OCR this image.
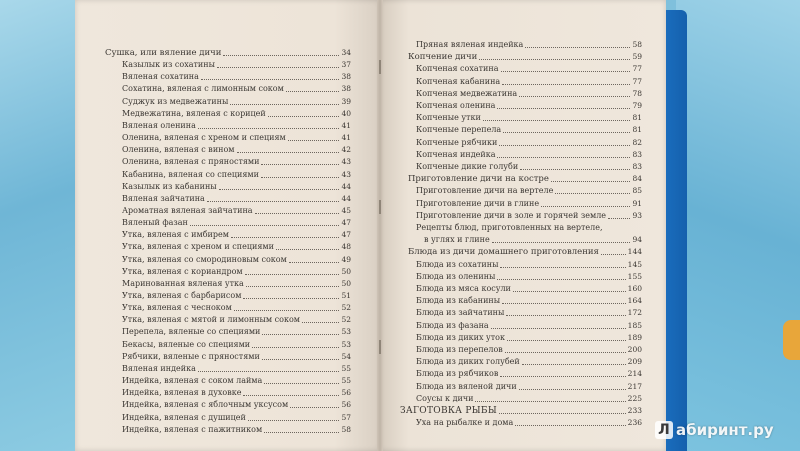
Сушка, или вяление дичи	34
Казылык из сохатины	37
Вяленая сохатина	38
Сохатина, вяленая с лимонным соком	38
Суджук из медвежатины	39
Медвежатина, вяленая с корицей	40
Вяленая оленина	41
Оленина, вяленая с хреном и специям	41
Оленина, вяленая с вином	42
Оленина, вяленая с пряностями	43
Кабанина, вяленая со специями	43
Казылык из кабанины	44
Вяленая зайчатина	44
Ароматная вяленая зайчатина	45
Вяленый фазан	47
Утка, вяленая с имбирем	47
Утка, вяленая с хреном и специями	48
Утка, вяленая со смородиновым соком	49
Утка, вяленая с кориандром	50
Маринованная вяленая утка	50
Утка, вяленая с барбарисом	51
Утка, вяленая с чесноком	52
Утка, вяленая с мятой и лимонным соком	52
Перепела, вяленые со специями	53
Бекасы, вяленые со специями	53
Рябчики, вяленые с пряностями	54
Вяленая индейка	55
Индейка, вяленая с соком лайма	55
Индейка, вяленая в духовке	56
Индейка, вяленая с яблочным уксусом	56
Индейка, вяленая с душицей	57
Индейка, вяленая с пажитником	58
Пряная вяленая индейка	58
Копчение дичи	59
Копченая сохатина	77
Копченая кабанина	77
Копченая медвежатина	78
Копченая оленина	79
Копченые утки	81
Копченые перепела	81
Копченые рябчики	82
Копченая индейка	83
Копченые дикие голуби	83
Приготовление дичи на костре	84
Приготовление дичи на вертеле	85
Приготовление дичи в глине	91
Приготовление дичи в золе и горячей земле	93
Рецепты блюд, приготовленных на вертеле,
в углях и глине	94
Блюда из дичи домашнего приготовления	144
Блюда из сохатины	145
Блюда из оленины	155
Блюда из мяса косули	160
Блюда из кабанины	164
Блюда из зайчатины	172
Блюда из фазана	185
Блюда из диких уток	189
Блюда из перепелов	200
Блюда из диких голубей	209
Блюда из рябчиков	214
Блюда из вяленой дичи	217
Соусы к дичи	225
ЗАГОТОВКА РЫБЫ	233
Уха на рыбалке и дома	236 Л абиринт.ру
